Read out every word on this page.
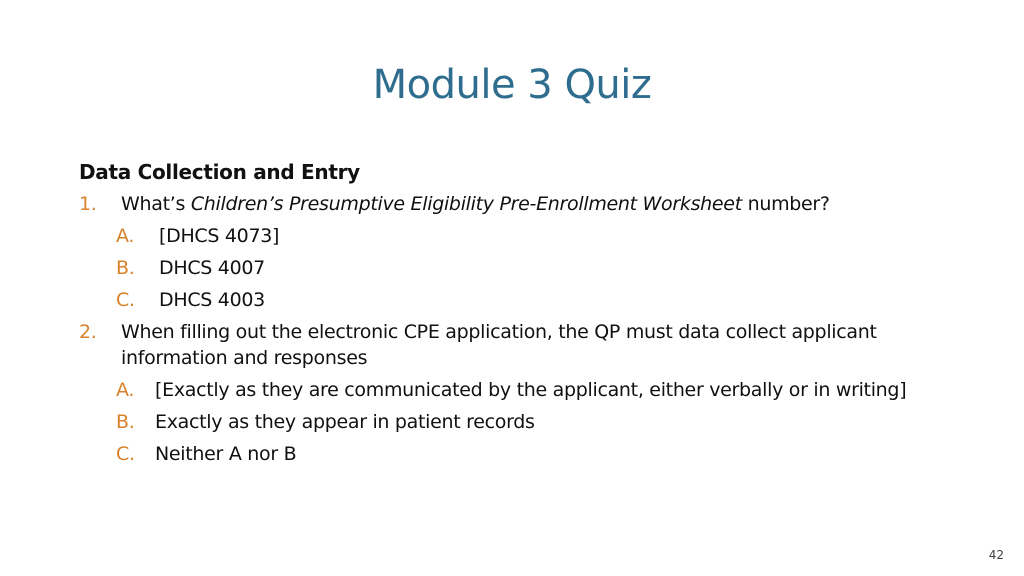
Module 3 Quiz
Data Collection and Entry
1.	What’s Children’s Presumptive Eligibility Pre-Enrollment Worksheet number?
A.	[DHCS 4073]
B.	DHCS 4007
C.	DHCS 4003
2.	When filling out the electronic CPE application, the QP must data collect applicant information and responses
A.	[Exactly as they are communicated by the applicant, either verbally or in writing]
B.	Exactly as they appear in patient records
C.	Neither A nor B
42
